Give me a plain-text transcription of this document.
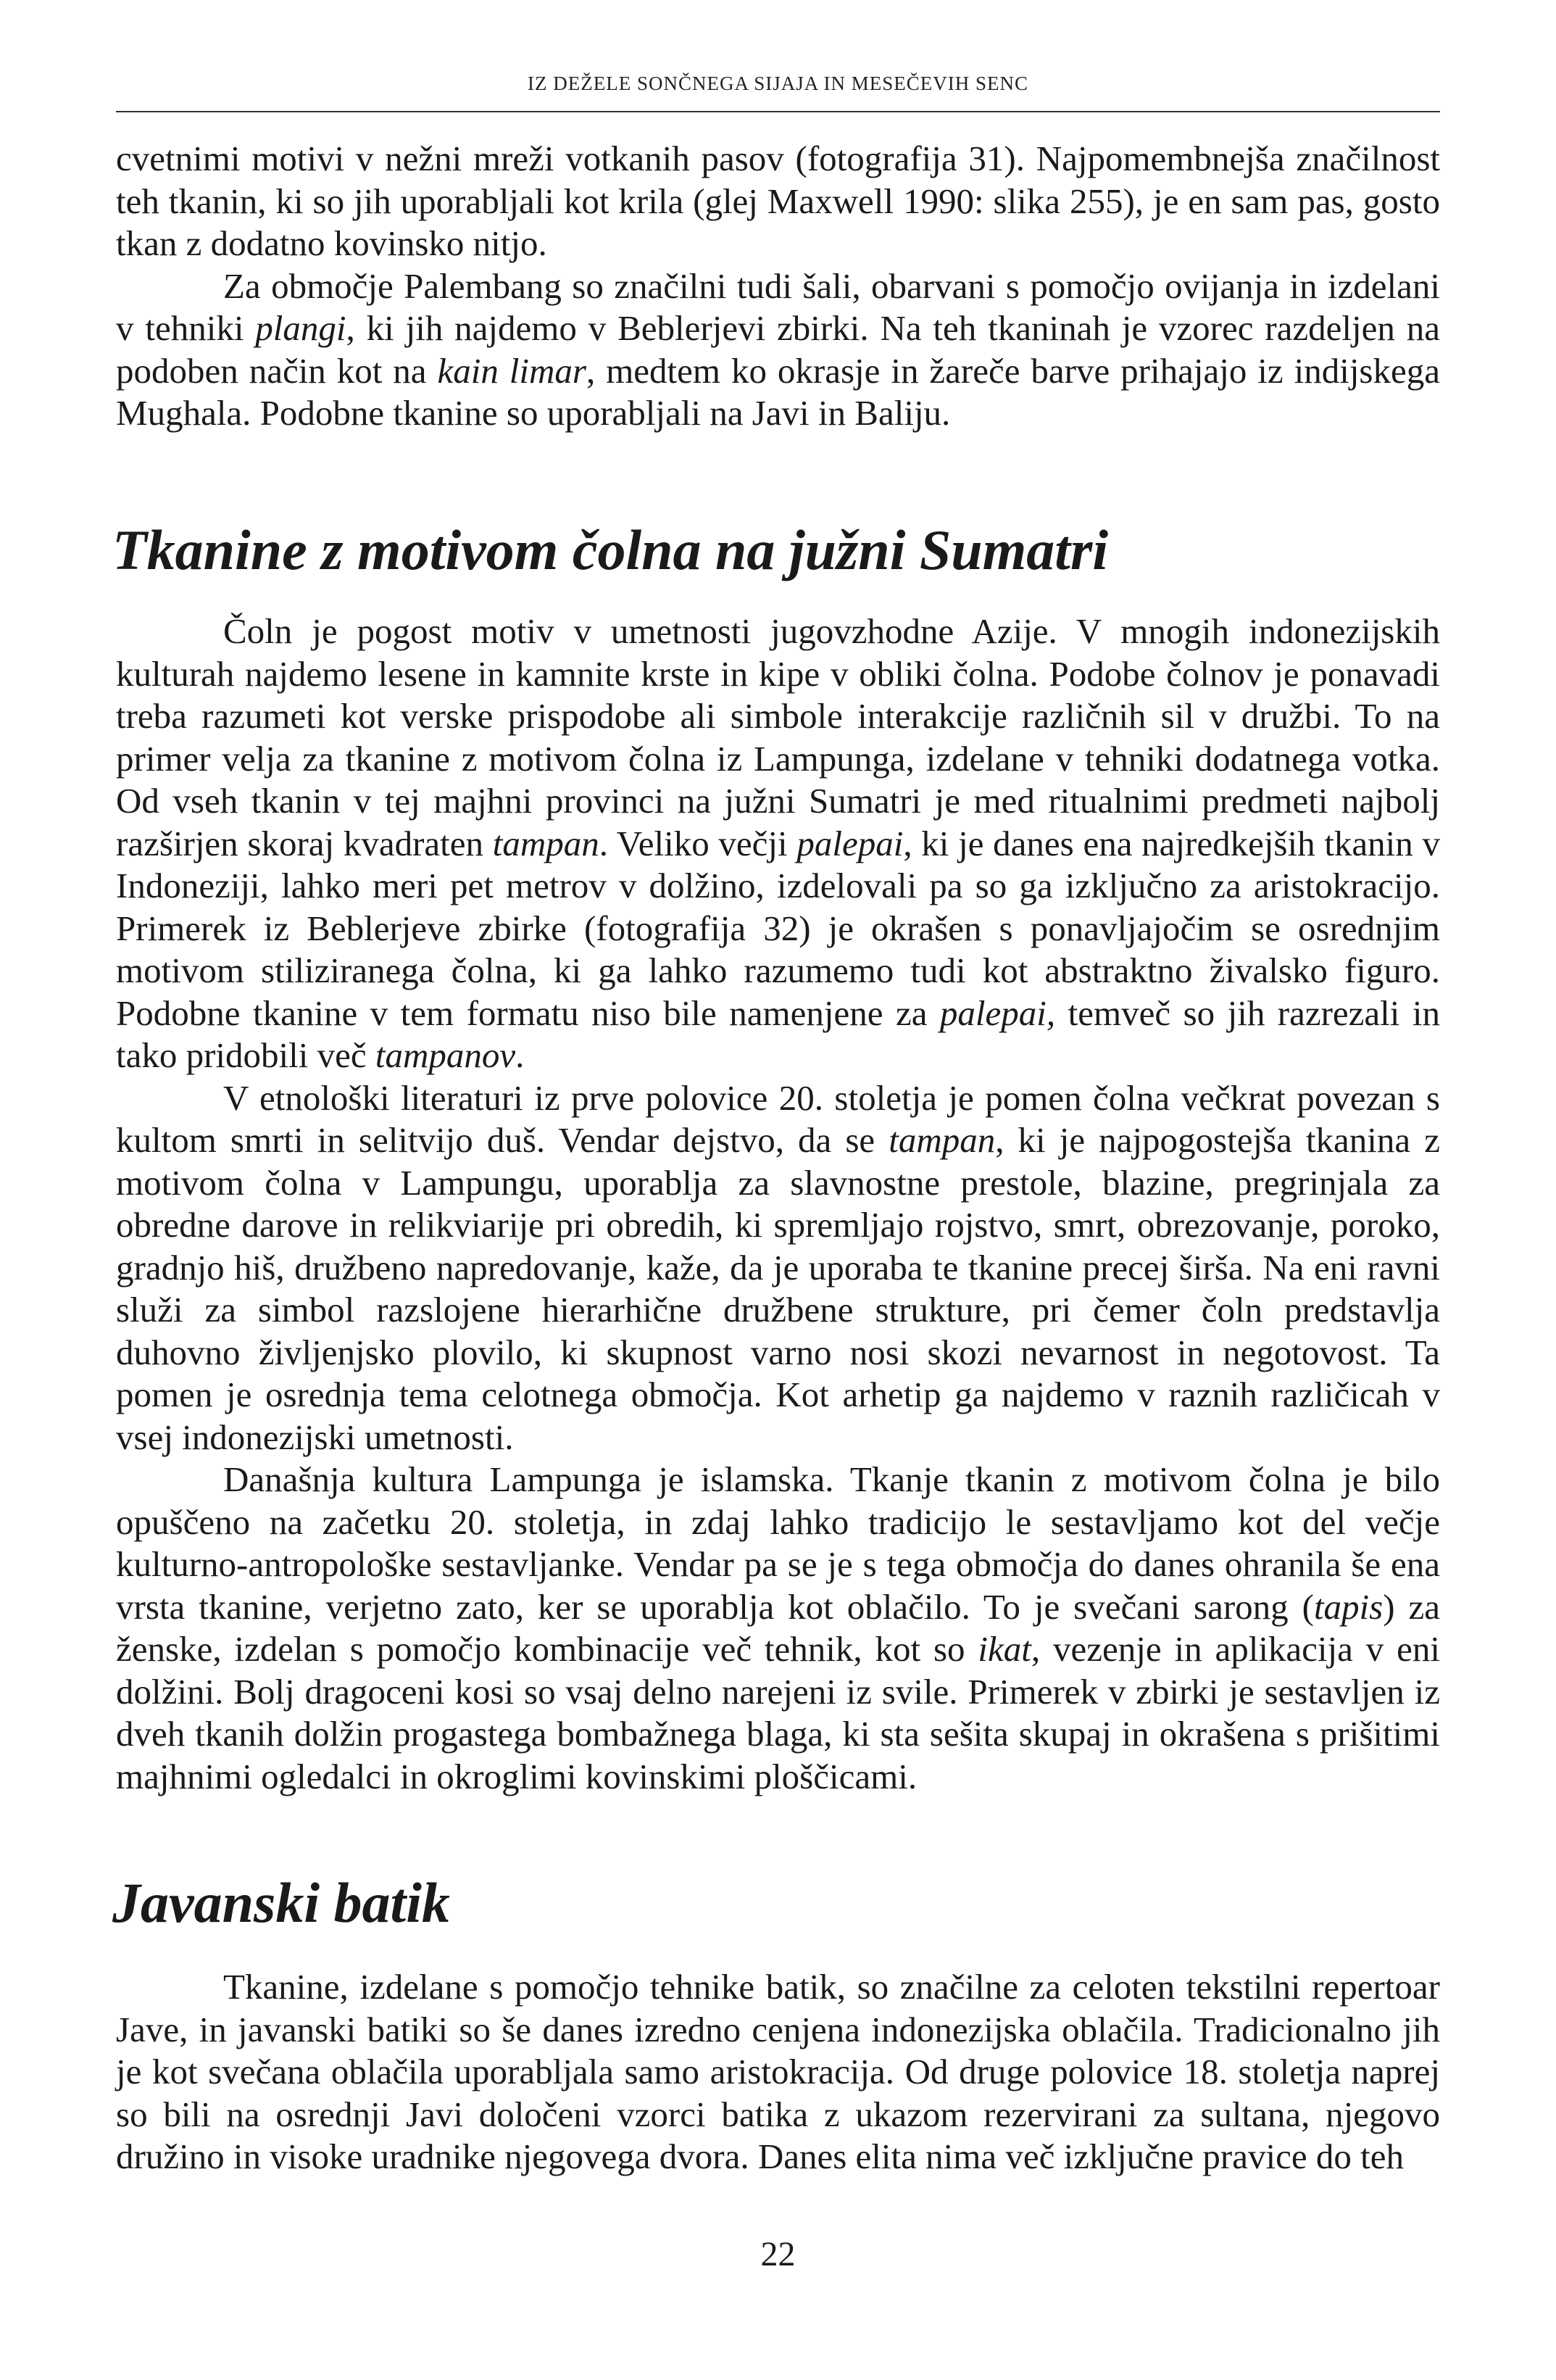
IZ DEŽELE SONČNEGA SIJAJA IN MESEČEVIH SENC

cvetnimi motivi v nežni mreži votkanih pasov (fotografija 31). Najpomembnejša značilnost teh tkanin, ki so jih uporabljali kot krila (glej Maxwell 1990: slika 255), je en sam pas, gosto tkan z dodatno kovinsko nitjo.

Za območje Palembang so značilni tudi šali, obarvani s pomočjo ovijanja in izdelani v tehniki plangi, ki jih najdemo v Beblerjevi zbirki. Na teh tkaninah je vzorec razdeljen na podoben način kot na kain limar, medtem ko okrasje in žareče barve prihajajo iz indijskega Mughala. Podobne tkanine so uporabljali na Javi in Baliju.

Tkanine z motivom čolna na južni Sumatri

Čoln je pogost motiv v umetnosti jugovzhodne Azije. V mnogih indonezijskih kulturah najdemo lesene in kamnite krste in kipe v obliki čolna. Podobe čolnov je ponavadi treba razumeti kot verske prispodobe ali simbole interakcije različnih sil v družbi. To na primer velja za tkanine z motivom čolna iz Lampunga, izdelane v tehniki dodatnega votka. Od vseh tkanin v tej majhni provinci na južni Sumatri je med ritualnimi predmeti najbolj razširjen skoraj kvadraten tampan. Veliko večji palepai, ki je danes ena najredkejših tkanin v Indoneziji, lahko meri pet metrov v dolžino, izdelovali pa so ga izključno za aristokracijo. Primerek iz Beblerjeve zbirke (fotografija 32) je okrašen s ponavljajočim se osrednjim motivom stiliziranega čolna, ki ga lahko razumemo tudi kot abstraktno živalsko figuro. Podobne tkanine v tem formatu niso bile namenjene za palepai, temveč so jih razrezali in tako pridobili več tampanov.

V etnološki literaturi iz prve polovice 20. stoletja je pomen čolna večkrat povezan s kultom smrti in selitvijo duš. Vendar dejstvo, da se tampan, ki je najpogostejša tkanina z motivom čolna v Lampungu, uporablja za slavnostne prestole, blazine, pregrinjala za obredne darove in relikviarije pri obredih, ki spremljajo rojstvo, smrt, obrezovanje, poroko, gradnjo hiš, družbeno napredovanje, kaže, da je uporaba te tkanine precej širša. Na eni ravni služi za simbol razslojene hierarhične družbene strukture, pri čemer čoln predstavlja duhovno življenjsko plovilo, ki skupnost varno nosi skozi nevarnost in negotovost. Ta pomen je osrednja tema celotnega območja. Kot arhetip ga najdemo v raznih različicah v vsej indonezijski umetnosti.

Današnja kultura Lampunga je islamska. Tkanje tkanin z motivom čolna je bilo opuščeno na začetku 20. stoletja, in zdaj lahko tradicijo le sestavljamo kot del večje kulturno-antropološke sestavljanke. Vendar pa se je s tega območja do danes ohranila še ena vrsta tkanine, verjetno zato, ker se uporablja kot oblačilo. To je svečani sarong (tapis) za ženske, izdelan s pomočjo kombinacije več tehnik, kot so ikat, vezenje in aplikacija v eni dolžini. Bolj dragoceni kosi so vsaj delno narejeni iz svile. Primerek v zbirki je sestavljen iz dveh tkanih dolžin progastega bombažnega blaga, ki sta sešita skupaj in okrašena s prišitimi majhnimi ogledalci in okroglimi kovinskimi ploščicami.

Javanski batik

Tkanine, izdelane s pomočjo tehnike batik, so značilne za celoten tekstilni repertoar Jave, in javanski batiki so še danes izredno cenjena indonezijska oblačila. Tradicionalno jih je kot svečana oblačila uporabljala samo aristokracija. Od druge polovice 18. stoletja naprej so bili na osrednji Javi določeni vzorci batika z ukazom rezervirani za sultana, njegovo družino in visoke uradnike njegovega dvora. Danes elita nima več izključne pravice do teh

22
